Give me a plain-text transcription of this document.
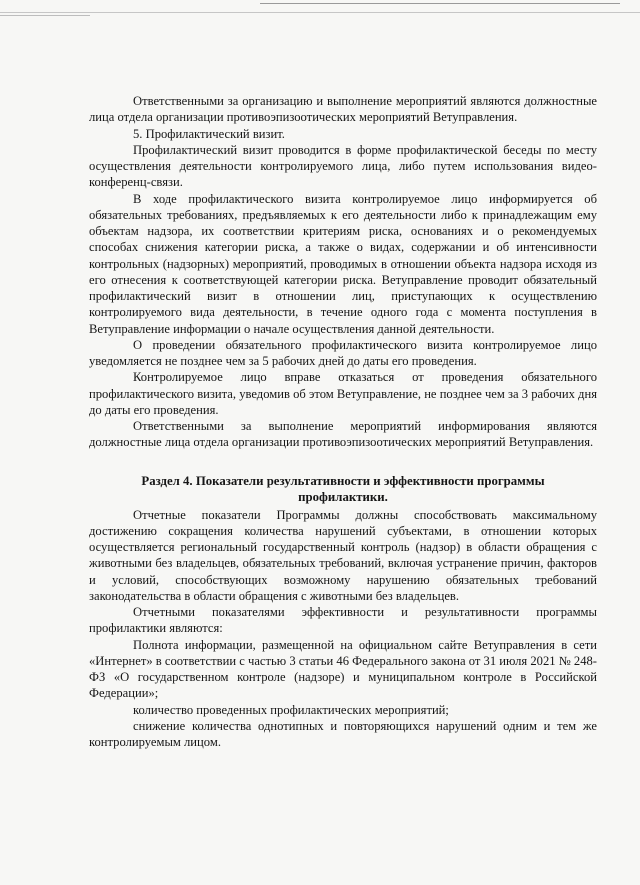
Ответственными за организацию и выполнение мероприятий являются должностные лица отдела организации противоэпизоотических мероприятий Ветуправления.

5. Профилактический визит.

Профилактический визит проводится в форме профилактической беседы по месту осуществления деятельности контролируемого лица, либо путем использования видео-конференц-связи.

В ходе профилактического визита контролируемое лицо информируется об обязательных требованиях, предъявляемых к его деятельности либо к принадлежащим ему объектам надзора, их соответствии критериям риска, основаниях и о рекомендуемых способах снижения категории риска, а также о видах, содержании и об интенсивности контрольных (надзорных) мероприятий, проводимых в отношении объекта надзора исходя из его отнесения к соответствующей категории риска. Ветуправление проводит обязательный профилактический визит в отношении лиц, приступающих к осуществлению контролируемого вида деятельности, в течение одного года с момента поступления в Ветуправление информации о начале осуществления данной деятельности.

О проведении обязательного профилактического визита контролируемое лицо уведомляется не позднее чем за 5 рабочих дней до даты его проведения.

Контролируемое лицо вправе отказаться от проведения обязательного профилактического визита, уведомив об этом Ветуправление, не позднее чем за 3 рабочих дня до даты его проведения.

Ответственными за выполнение мероприятий информирования являются должностные лица отдела организации противоэпизоотических мероприятий Ветуправления.

Раздел 4. Показатели результативности и эффективности программы
профилактики.

Отчетные показатели Программы должны способствовать максимальному достижению сокращения количества нарушений субъектами, в отношении которых осуществляется региональный государственный контроль (надзор) в области обращения с животными без владельцев, обязательных требований, включая устранение причин, факторов и условий, способствующих возможному нарушению обязательных требований законодательства в области обращения с животными без владельцев.

Отчетными показателями эффективности и результативности программы профилактики являются:

Полнота информации, размещенной на официальном сайте Ветуправления в сети «Интернет» в соответствии с частью 3 статьи 46 Федерального закона от 31 июля 2021 № 248-ФЗ «О государственном контроле (надзоре) и муниципальном контроле в Российской Федерации»;

количество проведенных профилактических мероприятий;

снижение количества однотипных и повторяющихся нарушений одним и тем же контролируемым лицом.
